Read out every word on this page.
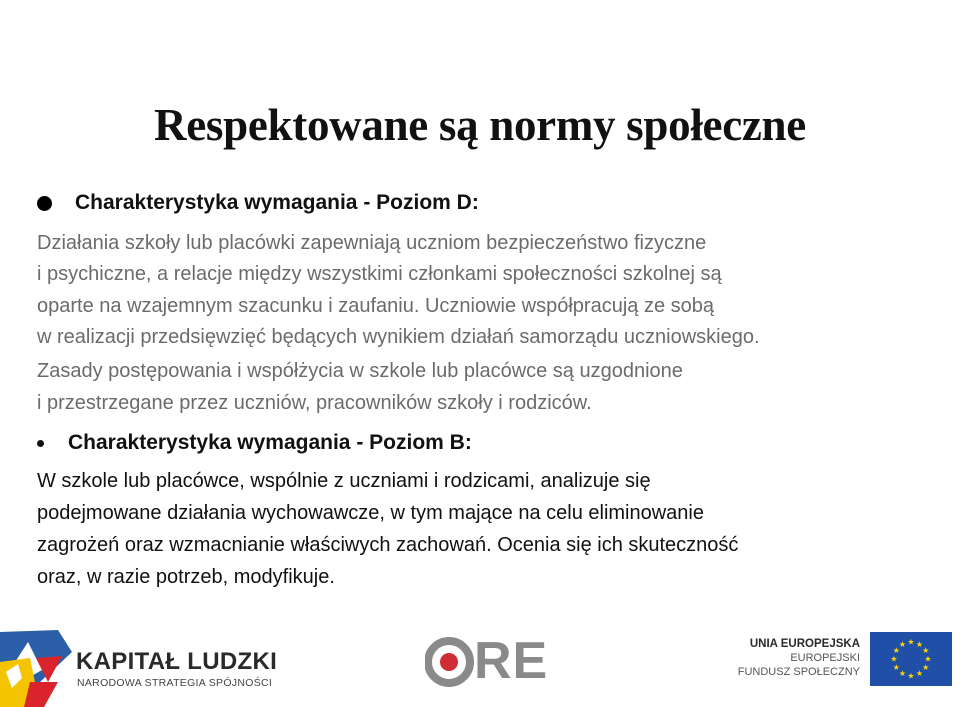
Respektowane są normy społeczne
Charakterystyka wymagania - Poziom D:

Działania szkoły lub placówki zapewniają uczniom bezpieczeństwo fizyczne

i psychiczne, a relacje między wszystkimi członkami społeczności szkolnej są

oparte na wzajemnym szacunku i zaufaniu. Uczniowie współpracują ze sobą

w realizacji przedsięwzięć będących wynikiem działań samorządu uczniowskiego.

Zasady postępowania i współżycia w szkole lub placówce są uzgodnione

i przestrzegane przez uczniów, pracowników szkoły i rodziców.

Charakterystyka wymagania - Poziom B:

W szkole lub placówce, wspólnie z uczniami i rodzicami, analizuje się

podejmowane działania wychowawcze, w tym mające na celu eliminowanie

zagrożeń oraz wzmacnianie właściwych zachowań. Ocenia się ich skuteczność

oraz, w razie potrzeb, modyfikuje.

KAPITAŁ LUDZKI
NARODOWA STRATEGIA SPÓJNOŚCI	RE	UNIA EUROPEJSKA
EUROPEJSKI
FUNDUSZ SPOŁECZNY
★ ★
★
★
★
★
★
★
★
★
★
★
